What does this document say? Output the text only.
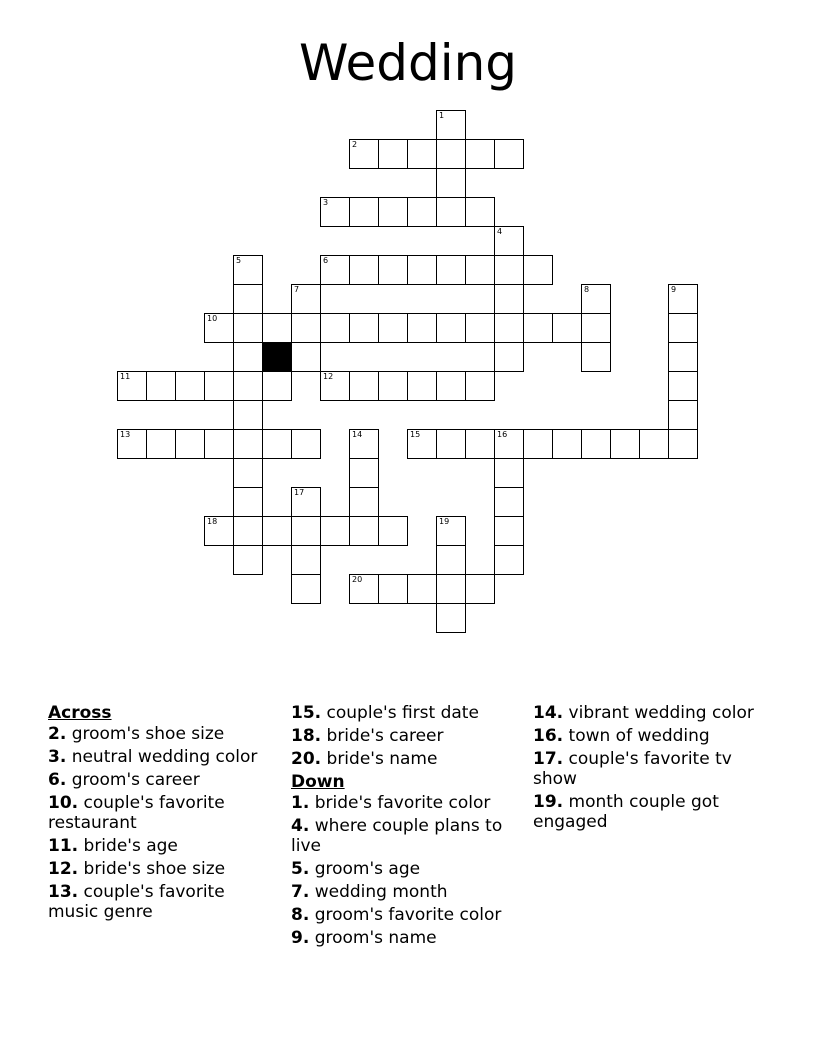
Wedding
1
2
3
4
5	6
7	8	9
10
11	12
13	14	15	16
17
18	19
20
Across
2. groom's shoe size
3. neutral wedding color
6. groom's career
10. couple's favorite restaurant
11. bride's age
12. bride's shoe size
13. couple's favorite music genre
15. couple's first date
18. bride's career
20. bride's name
Down
1. bride's favorite color
4. where couple plans to live
5. groom's age
7. wedding month
8. groom's favorite color
9. groom's name
14. vibrant wedding color
16. town of wedding
17. couple's favorite tv show
19. month couple got engaged
